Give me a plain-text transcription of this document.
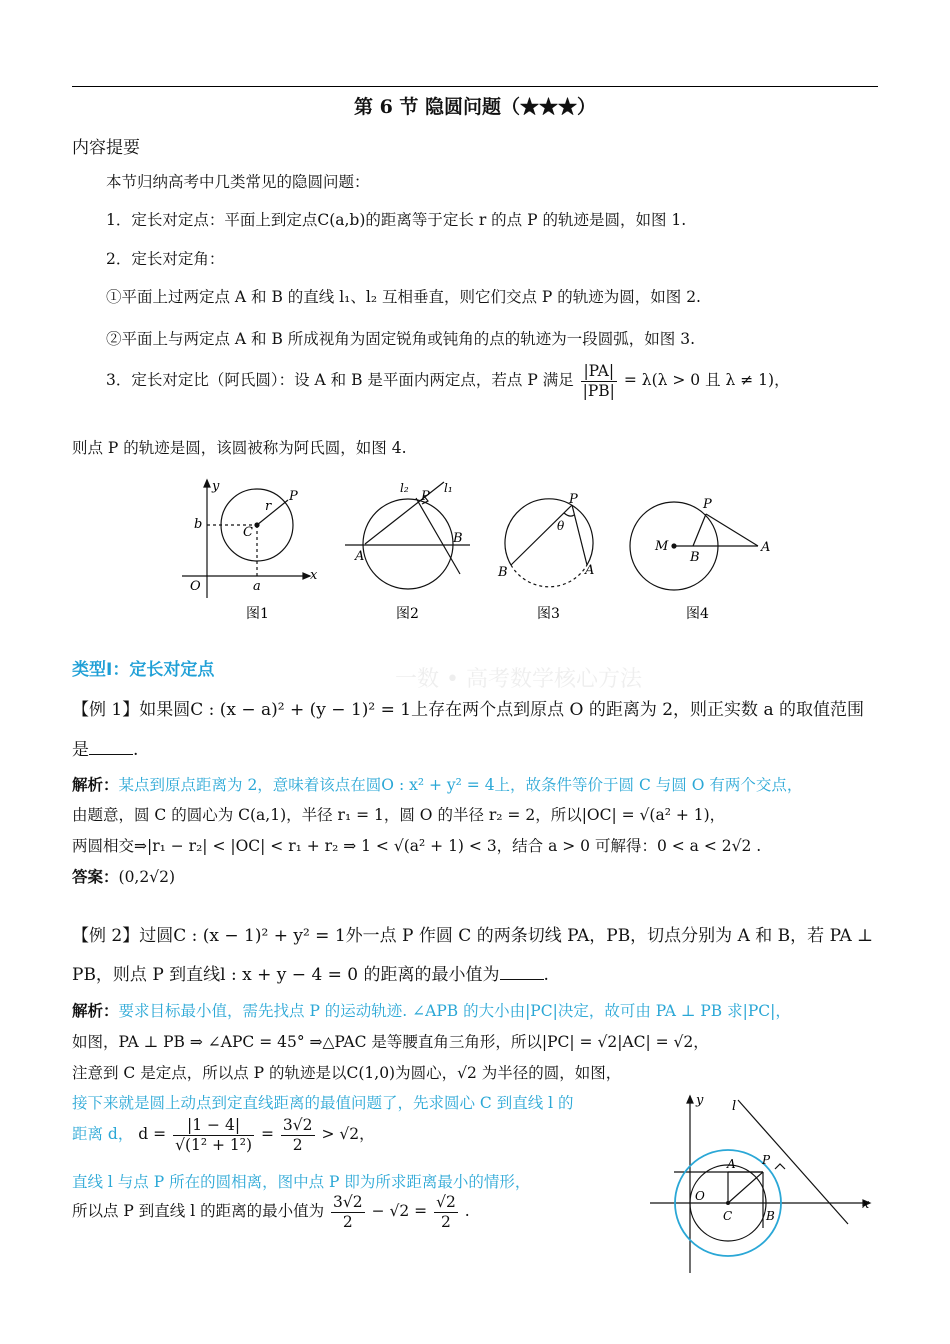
第 6 节 隐圆问题（★★★）
内容提要
本节归纳高考中几类常见的隐圆问题：
1．定长对定点：平面上到定点C(a,b)的距离等于定长 r 的点 P 的轨迹是圆，如图 1.
2．定长对定角：
①平面上过两定点 A 和 B 的直线 l₁、l₂ 互相垂直，则它们交点 P 的轨迹为圆，如图 2.
②平面上与两定点 A 和 B 所成视角为固定锐角或钝角的点的轨迹为一段圆弧，如图 3.
3．定长对定比（阿氏圆）：设 A 和 B 是平面内两定点，若点 P 满足 $\frac{|PA|}{|PB|} = \lambda(\lambda > 0$ 且 λ ≠ 1)，
则点 P 的轨迹是圆，该圆被称为阿氏圆，如图 4.
y
x
O
b
a
C
r
P
l₂
P
l₁
A
B
P
θ
B	A
P
M
B
A
图1	图2	图3	图4
一数 • 高考数学核心方法
类型Ⅰ：定长对定点
【例 1】如果圆C : (x − a)² + (y − 1)² = 1上存在两个点到原点 O 的距离为 2，则正实数 a 的取值范围
是	.
解析：某点到原点距离为 2，意味着该点在圆O : x² + y² = 4上，故条件等价于圆 C 与圆 O 有两个交点，
由题意，圆 C 的圆心为 C(a,1)，半径 r₁ = 1，圆 O 的半径 r₂ = 2，所以|OC| = √(a² + 1)，
两圆相交⇒|r₁ − r₂| < |OC| < r₁ + r₂ ⇒ 1 < √(a² + 1) < 3，结合 a > 0 可解得：0 < a < 2√2 .
答案：(0,2√2)
【例 2】过圆C : (x − 1)² + y² = 1外一点 P 作圆 C 的两条切线 PA，PB，切点分别为 A 和 B，若 PA ⊥
PB，则点 P 到直线l : x + y − 4 = 0 的距离的最小值为	.
解析：要求目标最小值，需先找点 P 的运动轨迹. ∠APB 的大小由|PC|决定，故可由 PA ⊥ PB 求|PC|，
如图，PA ⊥ PB ⇒ ∠APC = 45° ⇒△PAC 是等腰直角三角形，所以|PC| = √2|AC| = √2，
注意到 C 是定点，所以点 P 的轨迹是以C(1,0)为圆心，√2 为半径的圆，如图，
接下来就是圆上动点到定直线距离的最值问题了，先求圆心 C 到直线 l 的
距离 d， $d = \frac{|1 - 4|}{\text{√(1² + 1²)}} = \frac{3√2}{2} > √2$，
直线 l 与点 P 所在的圆相离，图中点 P 即为所求距离最小的情形，
所以点 P 到直线 l 的距离的最小值为 $\frac{3√2}{2} - √2 = \frac{√2}{2}$ .
y l
A P
O
C	B
x
